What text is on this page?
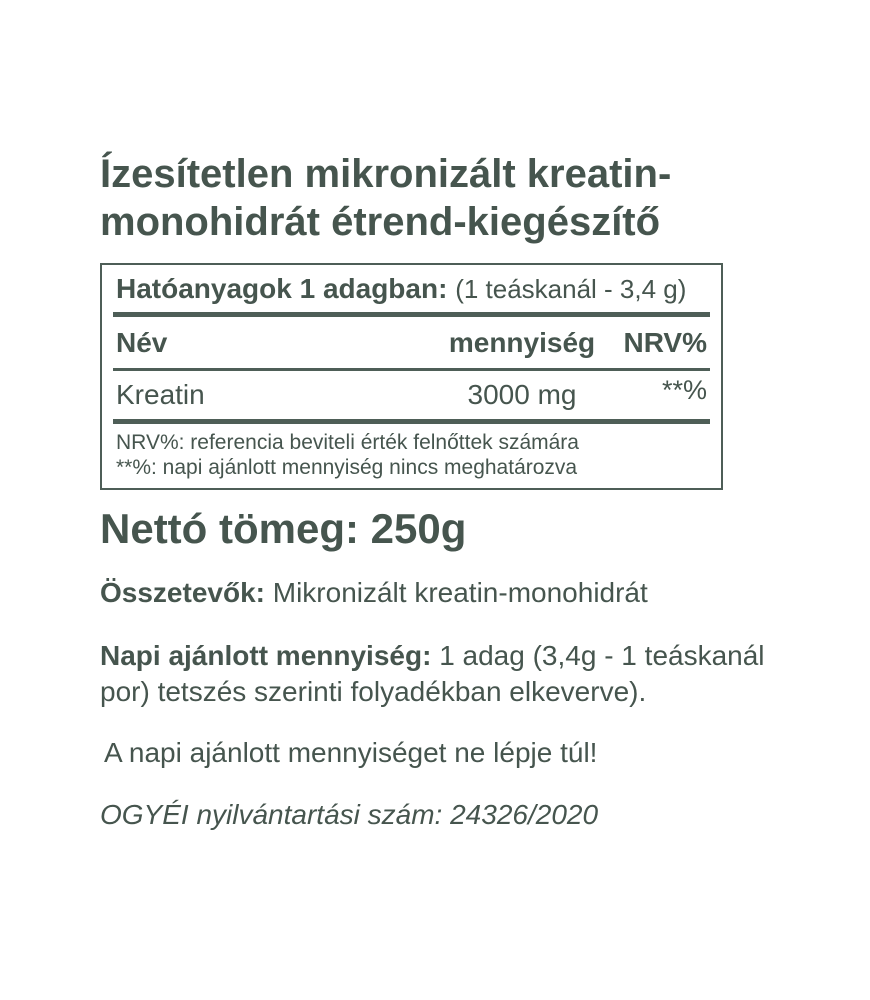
Ízesítetlen mikronizált kreatin-
monohidrát étrend-kiegészítő
Hatóanyagok 1 adagban: (1 teáskanál - 3,4 g)
Név	mennyiség	NRV%
Kreatin	3000 mg	**%
NRV%: referencia beviteli érték felnőttek számára
**%: napi ajánlott mennyiség nincs meghatározva
Nettó tömeg: 250g
Összetevők: Mikronizált kreatin-monohidrát
Napi ajánlott mennyiség: 1 adag (3,4g - 1 teáskanál por) tetszés szerinti folyadékban elkeverve).
A napi ajánlott mennyiséget ne lépje túl!
OGYÉI nyilvántartási szám: 24326/2020
